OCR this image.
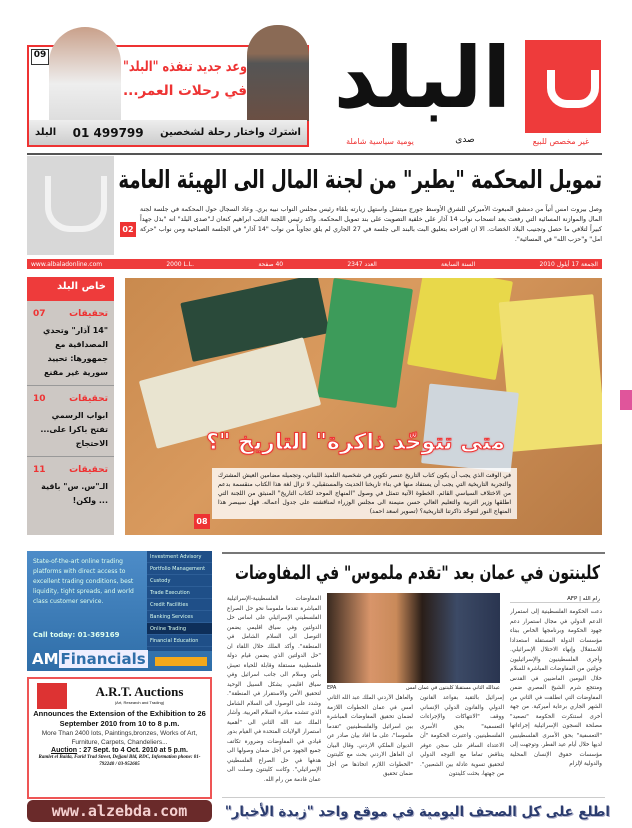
البلد
غير مخصص للبيع
يومية سياسية شاملة	صدى
09
وعد جديد تنفذه "البلد"
في رحلات العمر...
البلد 01 499799 اشترك واختار رحلة لشخصين
تمويل المحكمة "يطير" من لجنة المال الى الهيئة العامة
وصل بيروت امس أتياً من دمشق المبعوث الأميركي للشرق الأوسط جورج ميتشل واستهل زيارته بلقاء رئيس مجلس النواب نبيه بري. وعاد السجال حول المحكمة في جلسة لجنة المال والموازنة المسائية التي رفعت بعد انسحاب نواب 14 آذار على خلفية التصويت على بند تمويل المحكمة. واكد رئيس اللجنة النائب ابراهيم كنعان لـ"صدى البلد" انه "بذل جهداً كبيراً لتلافي ما حصل وتجنيب البلاد الخضات. الا ان اقتراحه بتعليق البت بالبند الى جلسة في 27 الجاري لم يلق تجاوباً من نواب "14 آذار" في الجلسة الصباحية ومن نواب "حركة امل" و"حزب الله" في المسائية".
02
www.albaladonline.com	2000 L.L.	40 صفحة	العدد 2347	السنة السابعة	الجمعة 17 أيلول 2010
خاص البلد
تحقيقات
07
"14 آذار" وتحدي المصداقية مع جمهورها: تحييد سورية غير مقنع
تحقيقات
10
ابواب الرسمي تفتح باكرا على... الاحتجاج
تحقيقات
11
الـ"س. س" باقية ... ولكن!
متى تتوحّد ذاكرة" التاريخ "؟
في الوقت الذي يجب أن يكون كتاب التاريخ عنصر تكوين في شخصية التلميذ اللبناني، وتجميله مضامين العيش المشترك والتجربة التاريخية التي يجب أن يستفاد منها في بناء تاريخنا الحديث والمستقبلي، لا تزال لغة هذا الكتاب منقسمة بدعم من الاختلاف السياسي القائم. الخطوة الآتية تتمثل في وصول "المنهاج الموحد لكتاب التاريخ" المنبثق من اللجنة التي اطلقها وزير التربية والتعليم العالي حسن منيمنة الى مجلس الوزراء لمناقشته على جدول أعماله. فهل سيبصر هذا المنهاج النور لتتوحّد ذاكرتنا التاريخية؟ (تصوير اسعد احمد)
08
State-of-the-art online trading platforms with direct access to excellent trading conditions, best liquidity, tight spreads, and world class customer service.
Investment Advisory
Portfolio Management
Custody
Trade Execution
Credit Facilities
Banking Services
Online Trading
Financial Education
Call today: 01-369169
AM Financials
A.R.T. Auctions
(Art, Research and Trading)
Announces the Extension of the Exhibition to 26 September 2010 from 10 to 8 p.m.
More Than 2400 lots, Paintings,bronzes, Works of Art, Furniture, Carpets, Chandeliers...
Auction : 27 Sept. to 4 Oct. 2010 at 5 p.m.
Ramlet el Baida, Farid Trad Street, Dejjani Bld, RDC, Information phone: 01-792240 / 03-952605
كلينتون في عمان بعد "تقدم ملموس" في المفاوضات
رام الله | AFP
EPA	عبدالله الثاني مستقبلا كلينتون في عمان امس
دعت الحكومة الفلسطينية إلى استمرار الدعم الدولي في مجال استمرار دعم جهود الحكومة وبرنامجها الخاص ببناء مؤسسات الدولة المستقلة استعدادا للاستقلال وإنهاء الاحتلال الإسرائيلي. وأجرى الفلسطينيون والإسرائيليون جولتين من المفاوضات المباشرة للسلام خلال اليومين الماضيين في القدس ومنتجع شرم الشيخ المصري ضمن المفاوضات التي انطلقت في الثاني من الشهر الجاري برعاية أميركية. من جهة أخرى استنكرت الحكومة "تصعيد" مصلحة السجون الإسرائيلية إجراءاتها "التعسفية" بحق الأسرى الفلسطينيين لديها خلال أيام عيد الفطر. وتوجهت إلى مؤسسات حقوق الإنسان المحلية والدولية لإلزام
إسرائيل بالتقيد بقواعد القانون الدولي والقانون الدولي الإنساني ووقف "الانتهاكات والإجراءات التعسفية" بحق الأسرى الفلسطينيين. واعتبرت الحكومة "أن الاعتداء السافر على سجن عوفر يتناقض تماما مع التوجه الدولي لتحقيق تسوية عادلة بين الشعبين". من جهتها، بحثت كلينتون
والعاهل الأردني الملك عبد الله الثاني امس في عمان الخطوات اللازمة لضمان تحقيق المفاوضات المباشرة بين اسرائيل والفلسطينيين "تقدما ملموسا"، على ما افاد بيان صادر عن الديوان الملكي الاردني. وقال البيان ان العاهل الاردني بحث مع كلينتون "الخطوات اللازم اتخاذها من أجل ضمان تحقيق
المفاوضات الفلسطينية-الإسرائيلية المباشرة تقدما ملموسا نحو حل الصراع الفلسطيني الإسرائيلي على اساس حل الدولتين وفي سياق اقليمي يضمن التوصل الى السلام الشامل في المنطقة". وأكد الملك خلال اللقاء ان "حل الدولتين الذي يضمن قيام دولة فلسطينية مستقلة وقابلة للحياة تعيش بأمن وسلام الى جانب اسرائيل وفي سياق اقليمي يشكل السبيل الوحيد لتحقيق الأمن والاستقرار في المنطقة". وشدد على الوصول الى السلام الشامل الذي تنشده مبادرة السلام العربية. وأشار الملك عبد الله الثاني الى "أهمية استمرار الولايات المتحدة في القيام بدور قيادي في المفاوضات وضرورة تكاتف جميع الجهود من أجل ضمان وصولها الى هدفها في حل الصراع الفلسطيني الإسرائيلي". وكانت كلينتون وصلت الى عمان قادمة من رام الله.
www.alzebda.com	اطلع على كل الصحف اليومية في موقع واحد "زبدة الأخبار"
